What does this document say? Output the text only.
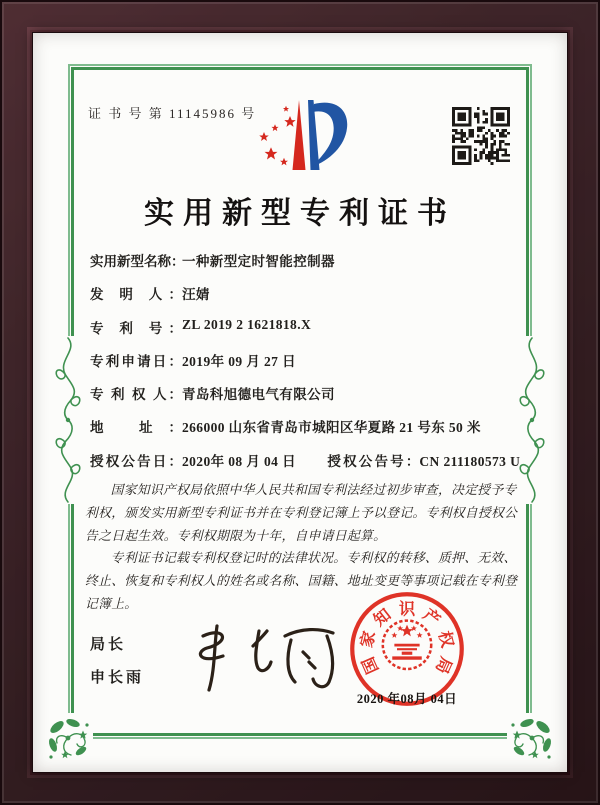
证 书 号 第 11145986 号
实用新型专利证书
实用新型名称：一种新型定时智能控制器
发 明 人：汪婧
专 利 号：ZL 2019 2 1621818.X
专利申请日：2019年 09 月 27 日
专 利 权 人：青岛科旭德电气有限公司
地 址：266000 山东省青岛市城阳区华夏路 21 号东 50 米
授权公告日：2020年 08 月 04 日 授权公告号：CN 211180573 U

国家知识产权局依照中华人民共和国专利法经过初步审查，决定授予专利权，颁发实用新型专利证书并在专利登记簿上予以登记。专利权自授权公告之日起生效。专利权期限为十年，自申请日起算。

专利证书记载专利权登记时的法律状况。专利权的转移、质押、无效、终止、恢复和专利权人的姓名或名称、国籍、地址变更等事项记载在专利登记簿上。

局长
申长雨
国
家
知 识 产
权
局
2020 年08月 04日
